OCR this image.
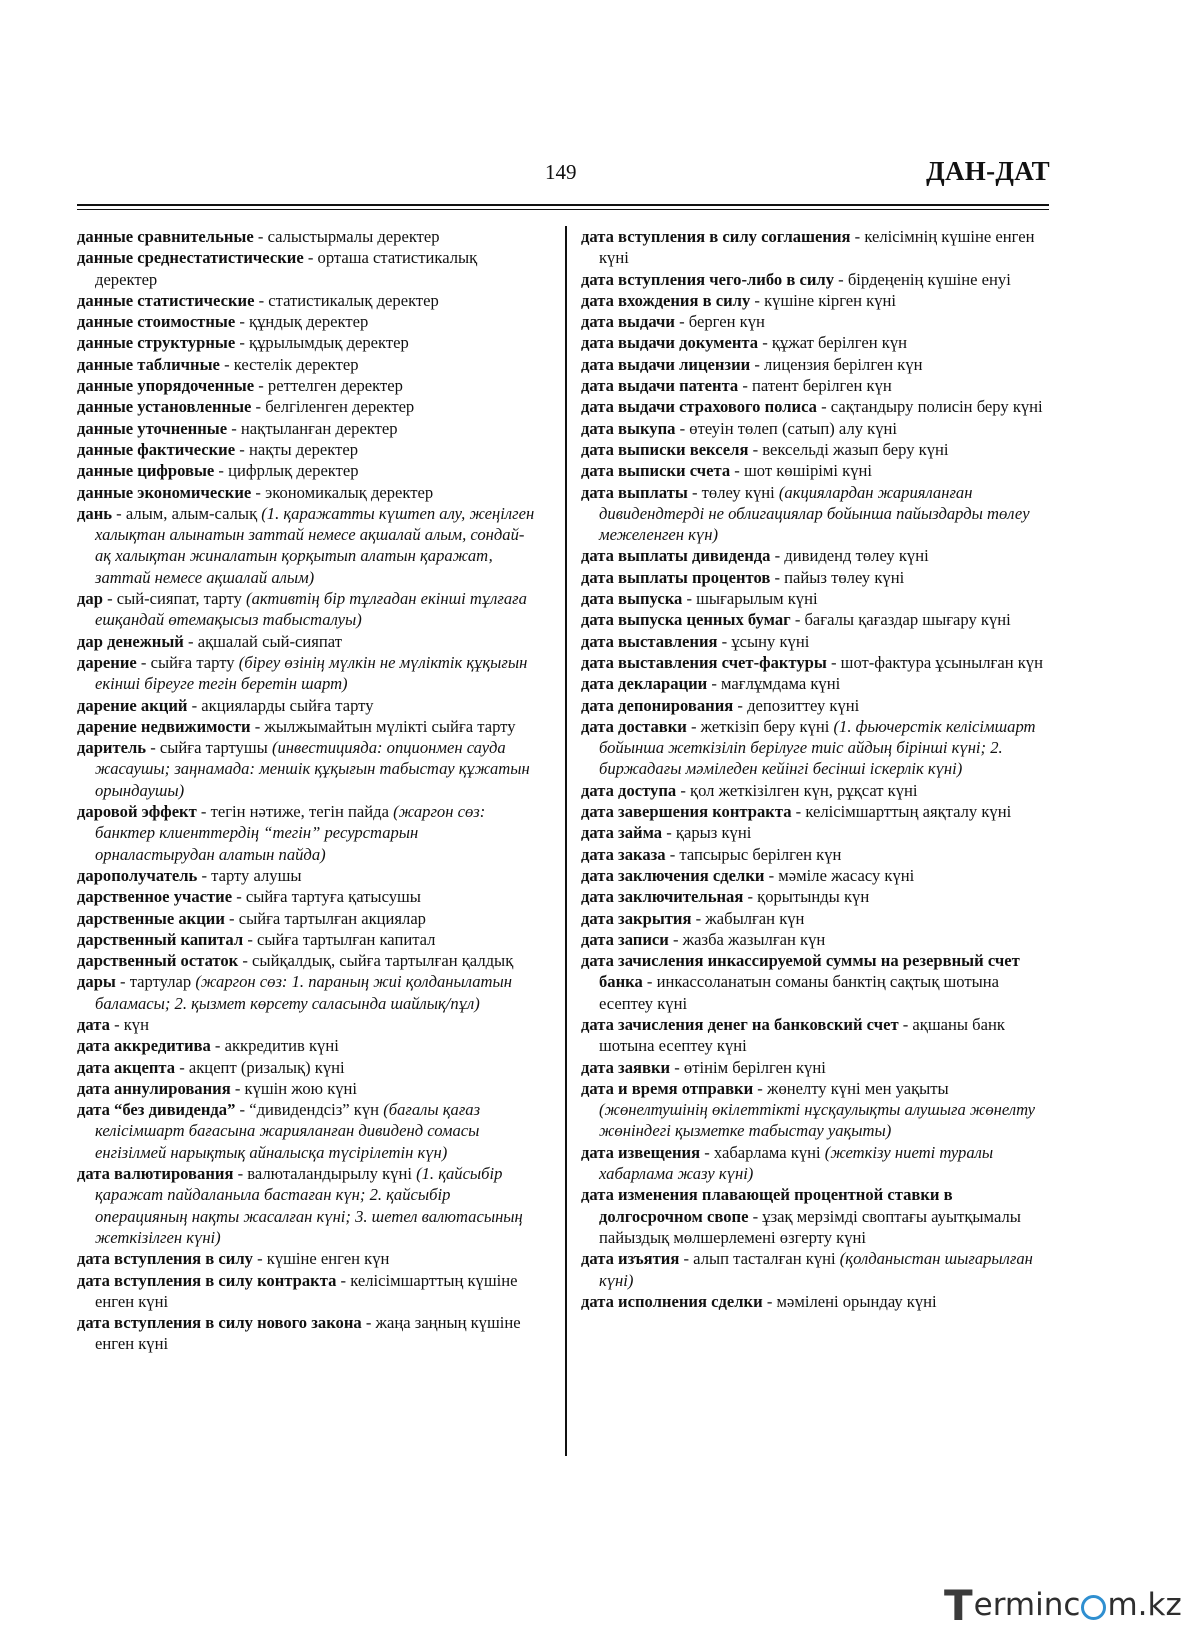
149	ДАН-ДАТ

данные сравнительные - салыстырмалы деректер

данные среднестатистические - орташа статистикалық деректер

данные статистические - статистикалық деректер

данные стоимостные - құндық деректер

данные структурные - құрылымдық деректер

данные табличные - кестелік деректер

данные упорядоченные - реттелген деректер

данные установленные - белгіленген деректер

данные уточненные - нақтыланған деректер

данные фактические - нақты деректер

данные цифровые - цифрлық деректер

данные экономические - экономикалық деректер

дань - алым, алым-салық (1. қаражатты күштеп алу, жеңілген халықтан алынатын заттай немесе ақшалай алым, сондай-ақ халықтан жиналатын қорқытып алатын қаражат, заттай немесе ақшалай алым)

дар - сый-сияпат, тарту (активтің бір тұлғадан екінші тұлғаға ешқандай өтемақысыз табысталуы)

дар денежный - ақшалай сый-сияпат

дарение - сыйға тарту (біреу өзінің мүлкін не мүліктік құқығын екінші біреуге тегін беретін шарт)

дарение акций - акцияларды сыйға тарту

дарение недвижимости - жылжымайтын мүлікті сыйға тарту

даритель - сыйға тартушы (инвестицияда: опционмен сауда жасаушы; заңнамада: меншік құқығын табыстау құжатын орындаушы)

даровой эффект - тегін нәтиже, тегін пайда (жаргон сөз: банктер клиенттердің “тегін” ресурстарын орналастырудан алатын пайда)

дарополучатель - тарту алушы

дарственное участие - сыйға тартуға қатысушы

дарственные акции - сыйға тартылған акциялар

дарственный капитал - сыйға тартылған капитал

дарственный остаток - сыйқалдық, сыйға тартылған қалдық

дары - тартулар (жаргон сөз: 1. параның жиі қолданылатын баламасы; 2. қызмет көрсету саласында шайлық/пұл)

дата - күн

дата аккредитива - аккредитив күні

дата акцепта - акцепт (ризалық) күні

дата аннулирования - күшін жою күні

дата “без дивиденда” - “дивидендсіз” күн (бағалы қағаз келісімшарт бағасына жарияланған дивиденд сомасы енгізілмей нарықтық айналысқа түсірілетін күн)

дата валютирования - валюталандырылу күні (1. қайсыбір қаражат пайдаланыла бастаған күн; 2. қайсыбір операцияның нақты жасалған күні; 3. шетел валютасының жеткізілген күні)

дата вступления в силу - күшіне енген күн

дата вступления в силу контракта - келісімшарттың күшіне енген күні

дата вступления в силу нового закона - жаңа заңның күшіне енген күні

дата вступления в силу соглашения - келісімнің күшіне енген күні

дата вступления чего-либо в силу - бірдеңенің күшіне енуі

дата вхождения в силу - күшіне кірген күні

дата выдачи - берген күн

дата выдачи документа - құжат берілген күн

дата выдачи лицензии - лицензия берілген күн

дата выдачи патента - патент берілген күн

дата выдачи страхового полиса - сақтандыру полисін беру күні

дата выкупа - өтеуін төлеп (сатып) алу күні

дата выписки векселя - вексельді жазып беру күні

дата выписки счета - шот көшірімі күні

дата выплаты - төлеу күні (акциялардан жарияланған дивидендтерді не облигациялар бойынша пайыздарды төлеу межеленген күн)

дата выплаты дивиденда - дивиденд төлеу күні

дата выплаты процентов - пайыз төлеу күні

дата выпуска - шығарылым күні

дата выпуска ценных бумаг - бағалы қағаздар шығару күні

дата выставления - ұсыну күні

дата выставления счет-фактуры - шот-фактура ұсынылған күн

дата декларации - мағлұмдама күні

дата депонирования - депозиттеу күні

дата доставки - жеткізіп беру күні (1. фьючерстік келісімшарт бойынша жеткізіліп берілуге тиіс айдың бірінші күні; 2. биржадағы мәміледен кейінгі бесінші іскерлік күні)

дата доступа - қол жеткізілген күн, рұқсат күні

дата завершения контракта - келісімшарттың аяқталу күні

дата займа - қарыз күні

дата заказа - тапсырыс берілген күн

дата заключения сделки - мәміле жасасу күні

дата заключительная - қорытынды күн

дата закрытия - жабылған күн

дата записи - жазба жазылған күн

дата зачисления инкассируемой суммы на резервный счет банка - инкассоланатын соманы банктің сақтық шотына есептеу күні

дата зачисления денег на банковский счет - ақшаны банк шотына есептеу күні

дата заявки - өтінім берілген күні

дата и время отправки - жөнелту күні мен уақыты (жөнелтушінің өкілеттікті нұсқаулықты алушыға жөнелту жөніндегі қызметке табыстау уақыты)

дата извещения - хабарлама күні (жеткізу ниеті туралы хабарлама жазу күні)

дата изменения плавающей процентной ставки в долгосрочном свопе - ұзақ мерзімді своптағы ауытқымалы пайыздық мөлшерлемені өзгерту күні

дата изъятия - алып тасталған күні (қолданыстан шығарылған күні)

дата исполнения сделки - мәмілені орындау күні

T erminc m.kz
